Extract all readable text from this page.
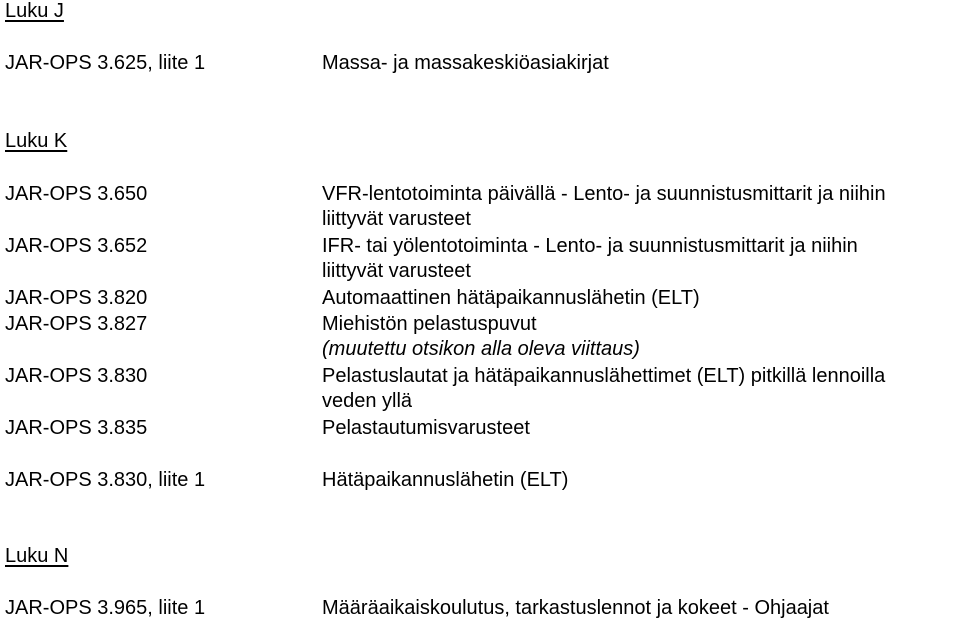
Luku J
JAR-OPS 3.625, liite 1	Massa- ja massakeskiöasiakirjat
Luku K
JAR-OPS 3.650	VFR-lentotoiminta päivällä - Lento- ja suunnistusmittarit ja niihin
liittyvät varusteet
JAR-OPS 3.652	IFR- tai yölentotoiminta - Lento- ja suunnistusmittarit ja niihin
liittyvät varusteet
JAR-OPS 3.820	Automaattinen hätäpaikannuslähetin (ELT)
JAR-OPS 3.827	Miehistön pelastuspuvut
(muutettu otsikon alla oleva viittaus)
JAR-OPS 3.830	Pelastuslautat ja hätäpaikannuslähettimet (ELT) pitkillä lennoilla
veden yllä
JAR-OPS 3.835	Pelastautumisvarusteet
JAR-OPS 3.830, liite 1	Hätäpaikannuslähetin (ELT)
Luku N
JAR-OPS 3.965, liite 1	Määräaikaiskoulutus, tarkastuslennot ja kokeet - Ohjaajat
